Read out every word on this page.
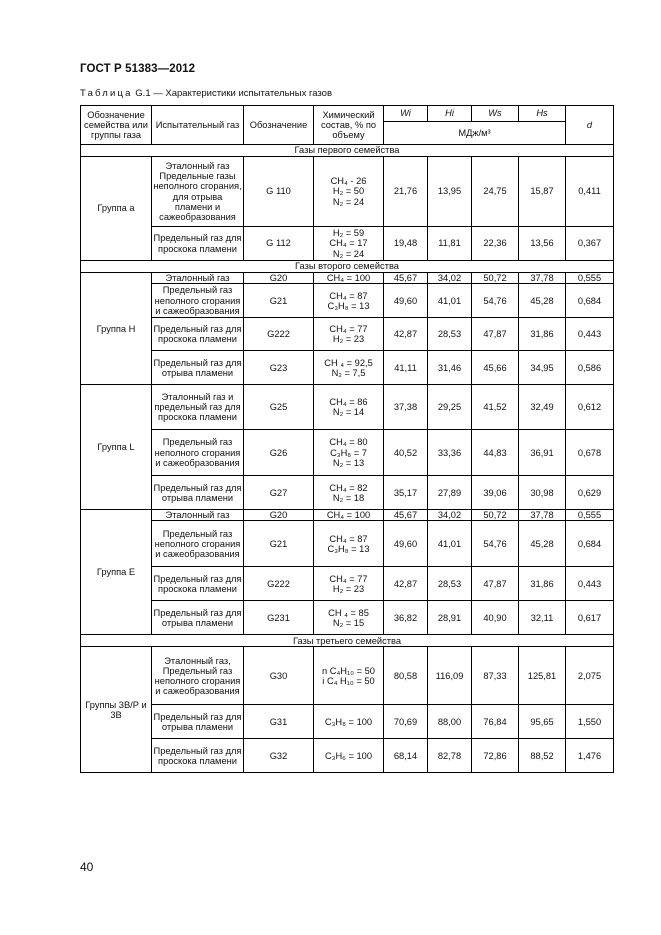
ГОСТ Р 51383—2012
Таблица G.1 — Характеристики испытательных газов
Обозначение семейства или группы газа	Испытательный газ	Обозначение	Химический состав, % по объему	Wi	Hi	Ws	Hs	d
				МДж/м³				
Газы первого семейства								
Группа а	Эталонный газ Предельные газы неполного сгорания, для отрыва пламени и сажеобразования	G 110	CH₄ - 26
H₂ = 50
N₂ = 24	21,76	13,95	24,75	15,87	0,411
	Предельный газ для проскока пламени	G 112	H₂ = 59
CH₄ = 17
N₂ = 24	19,48	11,81	22,36	13,56	0,367
Газы второго семейства								
Группа Н	Эталонный газ	G20	CH₄ = 100	45,67	34,02	50,72	37,78	0,555
	Предельный газ неполного сгорания и сажеобразования	G21	CH₄ = 87
C₃H₈ = 13	49,60	41,01	54,76	45,28	0,684
	Предельный газ для проскока пламени	G222	CH₄ = 77
H₂ = 23	42,87	28,53	47,87	31,86	0,443
	Предельный газ для отрыва пламени	G23	CH ₄ = 92,5
N₂ = 7,5	41,11	31,46	45,66	34,95	0,586
Группа L	Эталонный газ и предельный газ для проскока пламени	G25	CH₄ = 86
N₂ = 14	37,38	29,25	41,52	32,49	0,612
	Предельный газ неполного сгорания и сажеобразования	G26	CH₄ = 80
C₃H₈ = 7
N₂ = 13	40,52	33,36	44,83	36,91	0,678
	Предельный газ для отрыва пламени	G27	CH₄ = 82
N₂ = 18	35,17	27,89	39,06	30,98	0,629
Группа Е	Эталонный газ	G20	CH₄ = 100	45,67	34,02	50,72	37,78	0,555
	Предельный газ неполного сгорания и сажеобразования	G21	CH₄ = 87
C₃H₈ = 13	49,60	41,01	54,76	45,28	0,684
	Предельный газ для проскока пламени	G222	CH₄ = 77
H₂ = 23	42,87	28,53	47,87	31,86	0,443
	Предельный газ для отрыва пламени	G231	CH ₄ = 85
N₂ = 15	36,82	28,91	40,90	32,11	0,617
Газы третьего семейства								
Группы 3В/Р и 3В	Эталонный газ, Предельный газ неполного сгорания и сажеобразования	G30	n C₄H₁₀ = 50
i C₄ H₁₀ = 50	80,58	116,09	87,33	125,81	2,075
	Предельный газ для отрыва пламени	G31	C₃H₈ = 100	70,69	88,00	76,84	95,65	1,550
	Предельный газ для проскока пламени	G32	C₃H₆ = 100	68,14	82,78	72,86	88,52	1,476
40
